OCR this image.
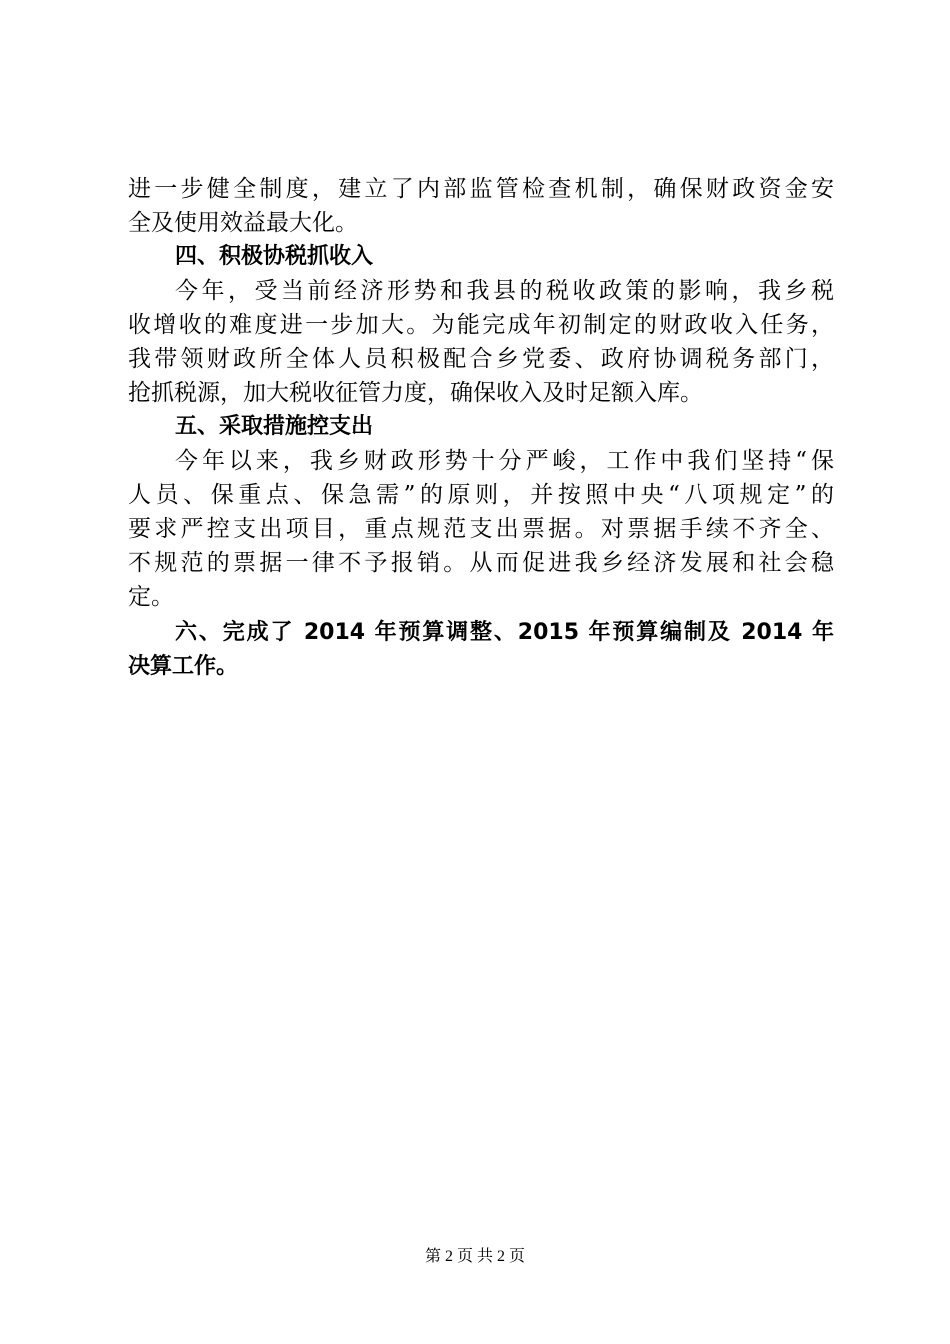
进一步健全制度，建立了内部监管检查机制，确保财政资金安
全及使用效益最大化。
四、积极协税抓收入
今年，受当前经济形势和我县的税收政策的影响，我乡税
收增收的难度进一步加大。为能完成年初制定的财政收入任务，
我带领财政所全体人员积极配合乡党委、政府协调税务部门，
抢抓税源，加大税收征管力度，确保收入及时足额入库。
五、采取措施控支出
今年以来，我乡财政形势十分严峻，工作中我们坚持“保
人员、保重点、保急需”的原则，并按照中央“八项规定”的
要求严控支出项目，重点规范支出票据。对票据手续不齐全、
不规范的票据一律不予报销。从而促进我乡经济发展和社会稳
定。
六、完成了 2014 年预算调整、2015 年预算编制及 2014 年
决算工作。
第 2 页 共 2 页
